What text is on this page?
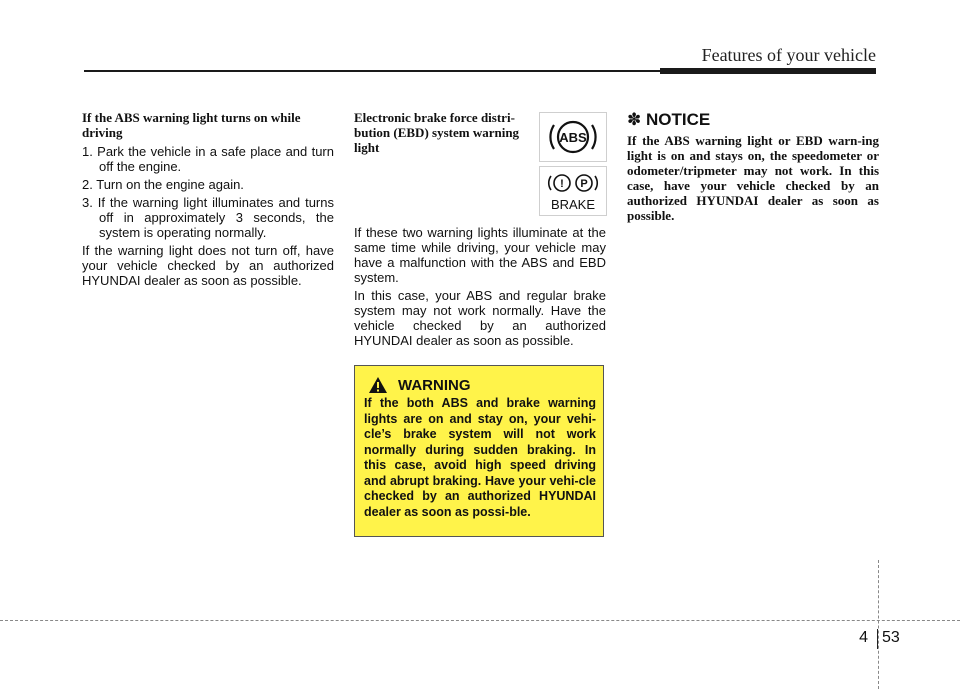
Features of your vehicle

If the ABS warning light turns on while driving

1. Park the vehicle in a safe place and turn off the engine.

2. Turn on the engine again.

3. If the warning light illuminates and turns off in approximately 3 seconds, the system is operating normally.

If the warning light does not turn off, have your vehicle checked by an authorized HYUNDAI dealer as soon as possible.

Electronic brake force distri-bution (EBD) system warning light

If these two warning lights illuminate at the same time while driving, your vehicle may have a malfunction with the ABS and EBD system.

In this case, your ABS and regular brake system may not work normally. Have the vehicle checked by an authorized HYUNDAI dealer as soon as possible.

ABS
! P
BRAKE
WARNING

If the both ABS and brake warning lights are on and stay on, your vehi-cle’s brake system will not work normally during sudden braking. In this case, avoid high speed driving and abrupt braking. Have your vehi-cle checked by an authorized HYUNDAI dealer as soon as possi-ble.

✽ NOTICE

If the ABS warning light or EBD warn-ing light is on and stays on, the speedometer or odometer/tripmeter may not work. In this case, have your vehicle checked by an authorized HYUNDAI dealer as soon as possible.

4 53
